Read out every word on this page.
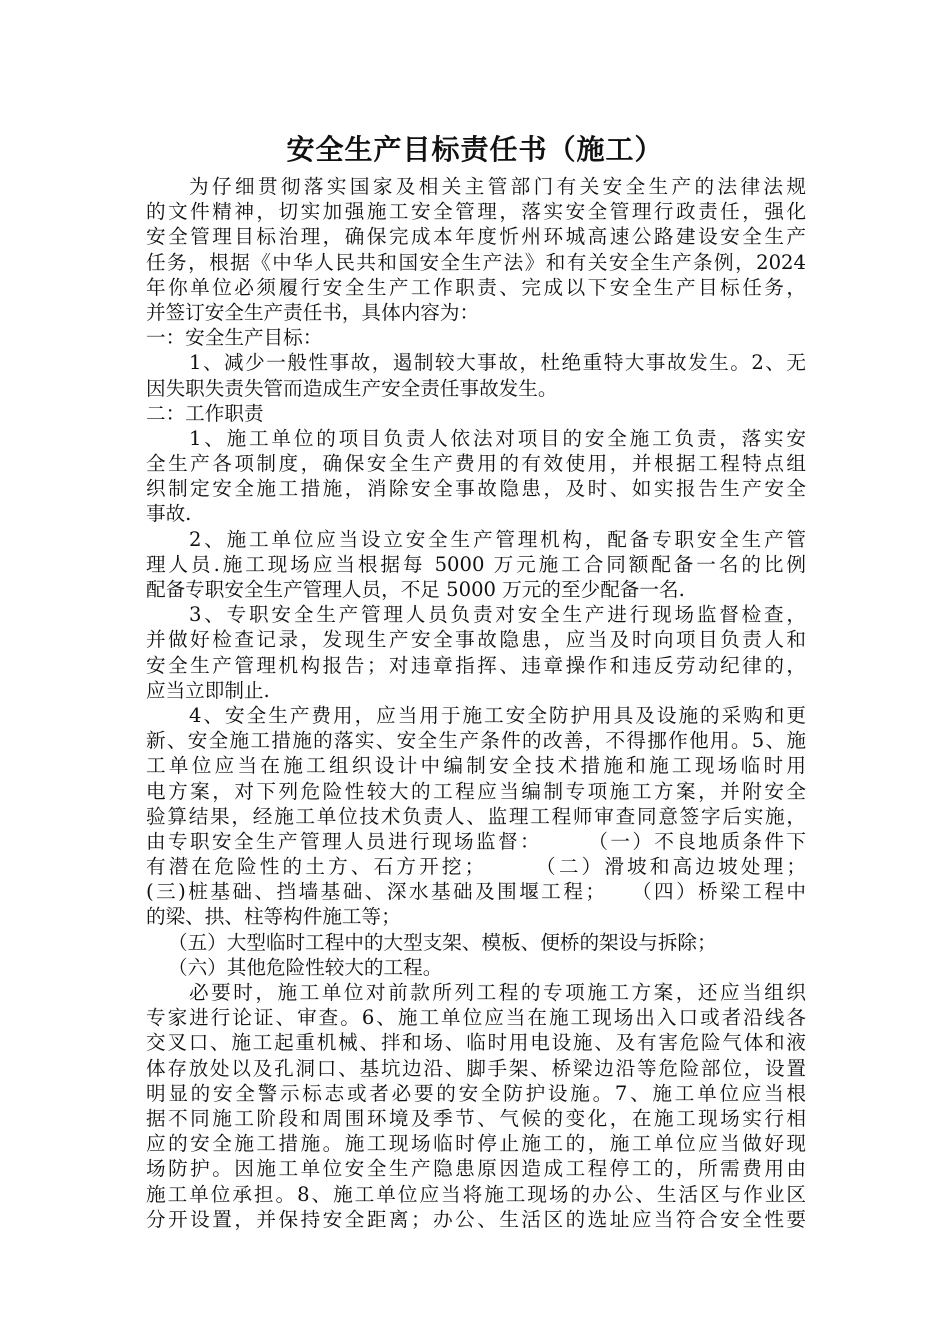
安全生产目标责任书（施工）
为仔细贯彻落实国家及相关主管部门有关安全生产的法律法规
的文件精神，切实加强施工安全管理，落实安全管理行政责任，强化
安全管理目标治理，确保完成本年度忻州环城高速公路建设安全生产
任务，根据《中华人民共和国安全生产法》和有关安全生产条例，2024
年你单位必须履行安全生产工作职责、完成以下安全生产目标任务，
并签订安全生产责任书，具体内容为：
一：安全生产目标：
1、减少一般性事故，遏制较大事故，杜绝重特大事故发生。2、无
因失职失责失管而造成生产安全责任事故发生。
二：工作职责
1、施工单位的项目负责人依法对项目的安全施工负责，落实安
全生产各项制度，确保安全生产费用的有效使用，并根据工程特点组
织制定安全施工措施，消除安全事故隐患，及时、如实报告生产安全
事故.
2、施工单位应当设立安全生产管理机构，配备专职安全生产管
理人员.施工现场应当根据每 5000 万元施工合同额配备一名的比例
配备专职安全生产管理人员，不足 5000 万元的至少配备一名.
3、专职安全生产管理人员负责对安全生产进行现场监督检查，
并做好检查记录，发现生产安全事故隐患，应当及时向项目负责人和
安全生产管理机构报告；对违章指挥、违章操作和违反劳动纪律的，
应当立即制止.
4、安全生产费用，应当用于施工安全防护用具及设施的采购和更
新、安全施工措施的落实、安全生产条件的改善，不得挪作他用。5、施
工单位应当在施工组织设计中编制安全技术措施和施工现场临时用
电方案，对下列危险性较大的工程应当编制专项施工方案，并附安全
验算结果，经施工单位技术负责人、监理工程师审查同意签字后实施，
由专职安全生产管理人员进行现场监督：　　　（一）不良地质条件下
有潜在危险性的土方、石方开挖；　　　（二）滑坡和高边坡处理；
(三)桩基础、挡墙基础、深水基础及围堰工程；　　（四）桥梁工程中
的梁、拱、柱等构件施工等；
（五）大型临时工程中的大型支架、模板、便桥的架设与拆除；
（六）其他危险性较大的工程。
必要时，施工单位对前款所列工程的专项施工方案，还应当组织
专家进行论证、审查。6、施工单位应当在施工现场出入口或者沿线各
交叉口、施工起重机械、拌和场、临时用电设施、及有害危险气体和液
体存放处以及孔洞口、基坑边沿、脚手架、桥梁边沿等危险部位，设置
明显的安全警示标志或者必要的安全防护设施。7、施工单位应当根
据不同施工阶段和周围环境及季节、气候的变化，在施工现场实行相
应的安全施工措施。施工现场临时停止施工的，施工单位应当做好现
场防护。因施工单位安全生产隐患原因造成工程停工的，所需费用由
施工单位承担。8、施工单位应当将施工现场的办公、生活区与作业区
分开设置，并保持安全距离；办公、生活区的选址应当符合安全性要
